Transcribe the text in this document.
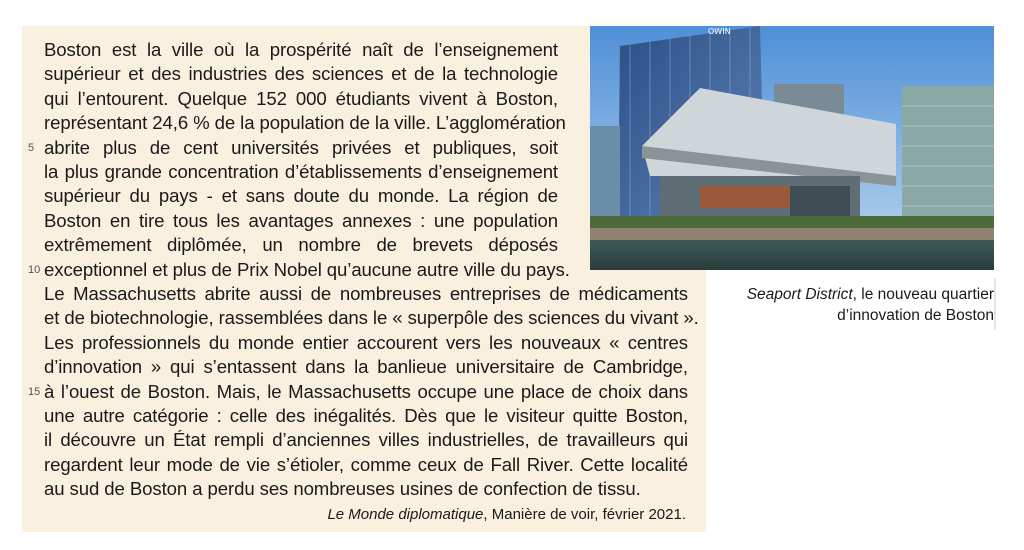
Boston est la ville où la prospérité naît de l’enseignement
supérieur et des industries des sciences et de la technologie
qui l’entourent. Quelque 152 000 étudiants vivent à Boston,
représentant 24,6 % de la population de la ville. L’agglomération
5 abrite plus de cent universités privées et publiques, soit
la plus grande concentration d’établissements d’enseignement
supérieur du pays - et sans doute du monde. La région de
Boston en tire tous les avantages annexes : une population
extrêmement diplômée, un nombre de brevets déposés
10 exceptionnel et plus de Prix Nobel qu’aucune autre ville du pays.
Le Massachusetts abrite aussi de nombreuses entreprises de médicaments
et de biotechnologie, rassemblées dans le « superpôle des sciences du vivant ».
Les professionnels du monde entier accourent vers les nouveaux « centres
d’innovation » qui s’entassent dans la banlieue universitaire de Cambridge,
15 à l’ouest de Boston. Mais, le Massachusetts occupe une place de choix dans
une autre catégorie : celle des inégalités. Dès que le visiteur quitte Boston,
il découvre un État rempli d’anciennes villes industrielles, de travailleurs qui
regardent leur mode de vie s’étioler, comme ceux de Fall River. Cette localité
au sud de Boston a perdu ses nombreuses usines de confection de tissu.
Le Monde diplomatique, Manière de voir, février 2021.
OWIN
Seaport District, le nouveau quartier
d’innovation de Boston
